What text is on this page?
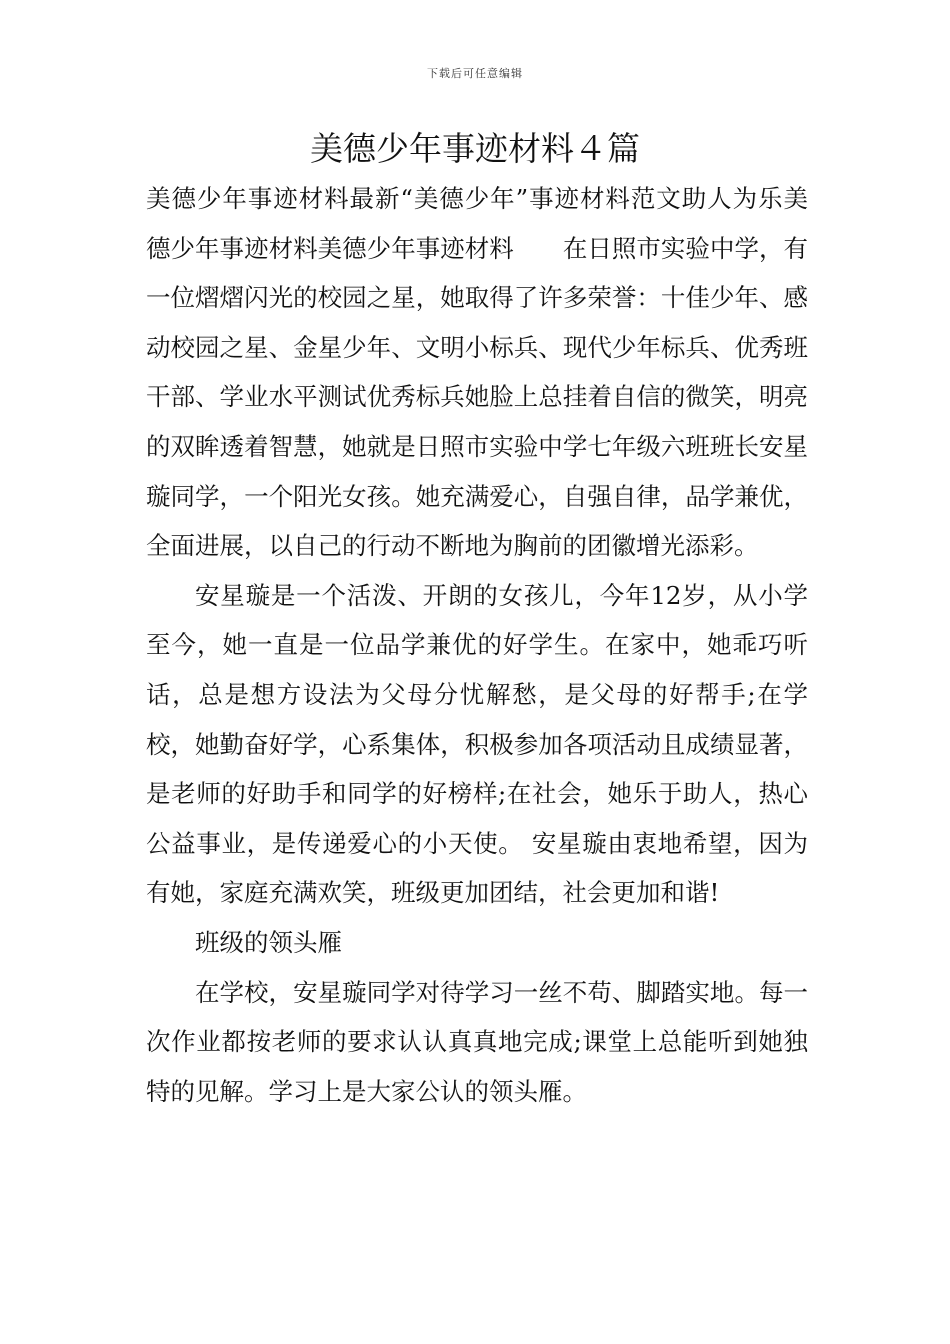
下载后可任意编辑
美德少年事迹材料４篇

美德少年事迹材料最新“美德少年”事迹材料范文助人为乐美德少年事迹材料美德少年事迹材料　　在日照市实验中学，有一位熠熠闪光的校园之星，她取得了许多荣誉：十佳少年、感动校园之星、金星少年、文明小标兵、现代少年标兵、优秀班干部、学业水平测试优秀标兵她脸上总挂着自信的微笑，明亮的双眸透着智慧，她就是日照市实验中学七年级六班班长安星璇同学，一个阳光女孩。她充满爱心，自强自律，品学兼优，全面进展，以自己的行动不断地为胸前的团徽增光添彩。

安星璇是一个活泼、开朗的女孩儿，今年12岁，从小学至今，她一直是一位品学兼优的好学生。在家中，她乖巧听话，总是想方设法为父母分忧解愁，是父母的好帮手;在学校，她勤奋好学，心系集体，积极参加各项活动且成绩显著，是老师的好助手和同学的好榜样;在社会，她乐于助人，热心公益事业，是传递爱心的小天使。 安星璇由衷地希望，因为有她，家庭充满欢笑，班级更加团结，社会更加和谐!

班级的领头雁

在学校，安星璇同学对待学习一丝不苟、脚踏实地。每一次作业都按老师的要求认认真真地完成;课堂上总能听到她独特的见解。学习上是大家公认的领头雁。
